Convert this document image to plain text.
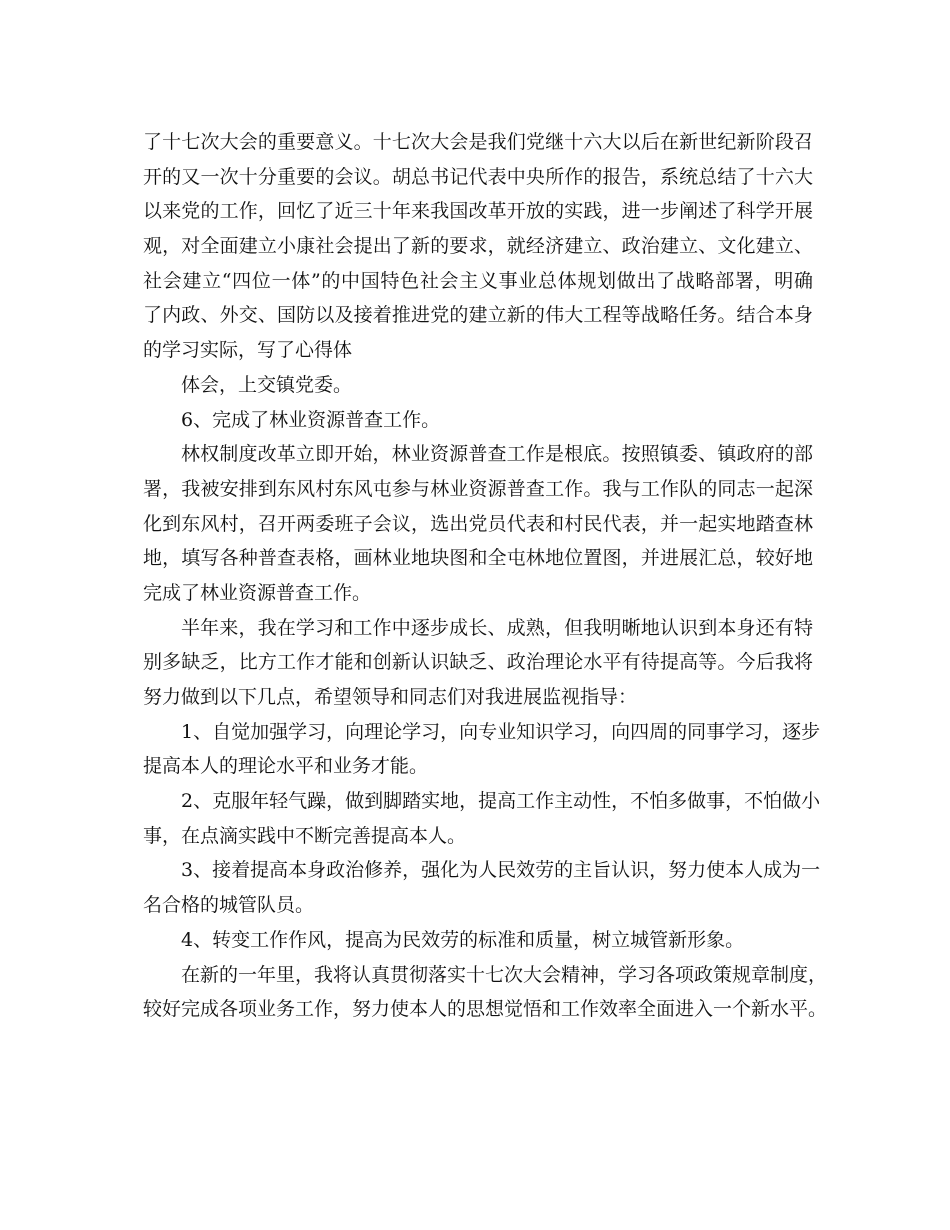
了十七次大会的重要意义。十七次大会是我们党继十六大以后在新世纪新阶段召
开的又一次十分重要的会议。胡总书记代表中央所作的报告，系统总结了十六大
以来党的工作，回忆了近三十年来我国改革开放的实践，进一步阐述了科学开展
观，对全面建立小康社会提出了新的要求，就经济建立、政治建立、文化建立、
社会建立“四位一体”的中国特色社会主义事业总体规划做出了战略部署，明确
了内政、外交、国防以及接着推进党的建立新的伟大工程等战略任务。结合本身
的学习实际，写了心得体
体会，上交镇党委。
6、完成了林业资源普查工作。
林权制度改革立即开始，林业资源普查工作是根底。按照镇委、镇政府的部
署，我被安排到东风村东风屯参与林业资源普查工作。我与工作队的同志一起深
化到东风村，召开两委班子会议，选出党员代表和村民代表，并一起实地踏查林
地，填写各种普查表格，画林业地块图和全屯林地位置图，并进展汇总，较好地
完成了林业资源普查工作。
半年来，我在学习和工作中逐步成长、成熟，但我明晰地认识到本身还有特
别多缺乏，比方工作才能和创新认识缺乏、政治理论水平有待提高等。今后我将
努力做到以下几点，希望领导和同志们对我进展监视指导：
1、自觉加强学习，向理论学习，向专业知识学习，向四周的同事学习，逐步
提高本人的理论水平和业务才能。
2、克服年轻气躁，做到脚踏实地，提高工作主动性，不怕多做事，不怕做小
事，在点滴实践中不断完善提高本人。
3、接着提高本身政治修养，强化为人民效劳的主旨认识，努力使本人成为一
名合格的城管队员。
4、转变工作作风，提高为民效劳的标准和质量，树立城管新形象。
在新的一年里，我将认真贯彻落实十七次大会精神，学习各项政策规章制度，
较好完成各项业务工作，努力使本人的思想觉悟和工作效率全面进入一个新水平。
